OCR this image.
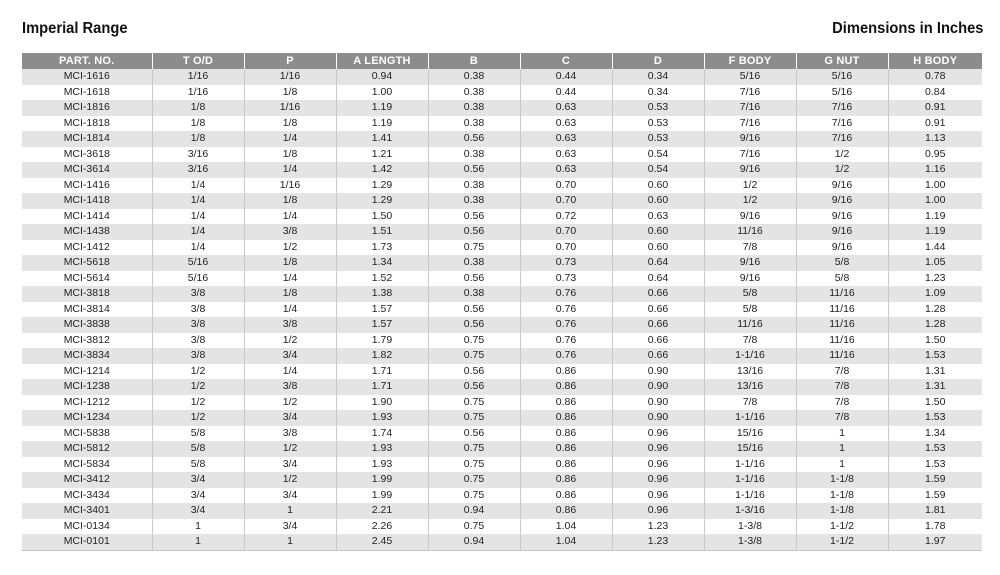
Imperial Range	Dimensions in Inches
PART. NO.	T O/D	P	A LENGTH	B	C	D	F BODY	G NUT	H BODY
MCI-1616	1/16	1/16	0.94	0.38	0.44	0.34	5/16	5/16	0.78
MCI-1618	1/16	1/8	1.00	0.38	0.44	0.34	7/16	5/16	0.84
MCI-1816	1/8	1/16	1.19	0.38	0.63	0.53	7/16	7/16	0.91
MCI-1818	1/8	1/8	1.19	0.38	0.63	0.53	7/16	7/16	0.91
MCI-1814	1/8	1/4	1.41	0.56	0.63	0.53	9/16	7/16	1.13
MCI-3618	3/16	1/8	1.21	0.38	0.63	0.54	7/16	1/2	0.95
MCI-3614	3/16	1/4	1.42	0.56	0.63	0.54	9/16	1/2	1.16
MCI-1416	1/4	1/16	1.29	0.38	0.70	0.60	1/2	9/16	1.00
MCI-1418	1/4	1/8	1.29	0.38	0.70	0.60	1/2	9/16	1.00
MCI-1414	1/4	1/4	1.50	0.56	0.72	0.63	9/16	9/16	1.19
MCI-1438	1/4	3/8	1.51	0.56	0.70	0.60	11/16	9/16	1.19
MCI-1412	1/4	1/2	1.73	0.75	0.70	0.60	7/8	9/16	1.44
MCI-5618	5/16	1/8	1.34	0.38	0.73	0.64	9/16	5/8	1.05
MCI-5614	5/16	1/4	1.52	0.56	0.73	0.64	9/16	5/8	1.23
MCI-3818	3/8	1/8	1.38	0.38	0.76	0.66	5/8	11/16	1.09
MCI-3814	3/8	1/4	1.57	0.56	0.76	0.66	5/8	11/16	1.28
MCI-3838	3/8	3/8	1.57	0.56	0.76	0.66	11/16	11/16	1.28
MCI-3812	3/8	1/2	1.79	0.75	0.76	0.66	7/8	11/16	1.50
MCI-3834	3/8	3/4	1.82	0.75	0.76	0.66	1-1/16	11/16	1.53
MCI-1214	1/2	1/4	1.71	0.56	0.86	0.90	13/16	7/8	1.31
MCI-1238	1/2	3/8	1.71	0.56	0.86	0.90	13/16	7/8	1.31
MCI-1212	1/2	1/2	1.90	0.75	0.86	0.90	7/8	7/8	1.50
MCI-1234	1/2	3/4	1.93	0.75	0.86	0.90	1-1/16	7/8	1.53
MCI-5838	5/8	3/8	1.74	0.56	0.86	0.96	15/16	1	1.34
MCI-5812	5/8	1/2	1.93	0.75	0.86	0.96	15/16	1	1.53
MCI-5834	5/8	3/4	1.93	0.75	0.86	0.96	1-1/16	1	1.53
MCI-3412	3/4	1/2	1.99	0.75	0.86	0.96	1-1/16	1-1/8	1.59
MCI-3434	3/4	3/4	1.99	0.75	0.86	0.96	1-1/16	1-1/8	1.59
MCI-3401	3/4	1	2.21	0.94	0.86	0.96	1-3/16	1-1/8	1.81
MCI-0134	1	3/4	2.26	0.75	1.04	1.23	1-3/8	1-1/2	1.78
MCI-0101	1	1	2.45	0.94	1.04	1.23	1-3/8	1-1/2	1.97
